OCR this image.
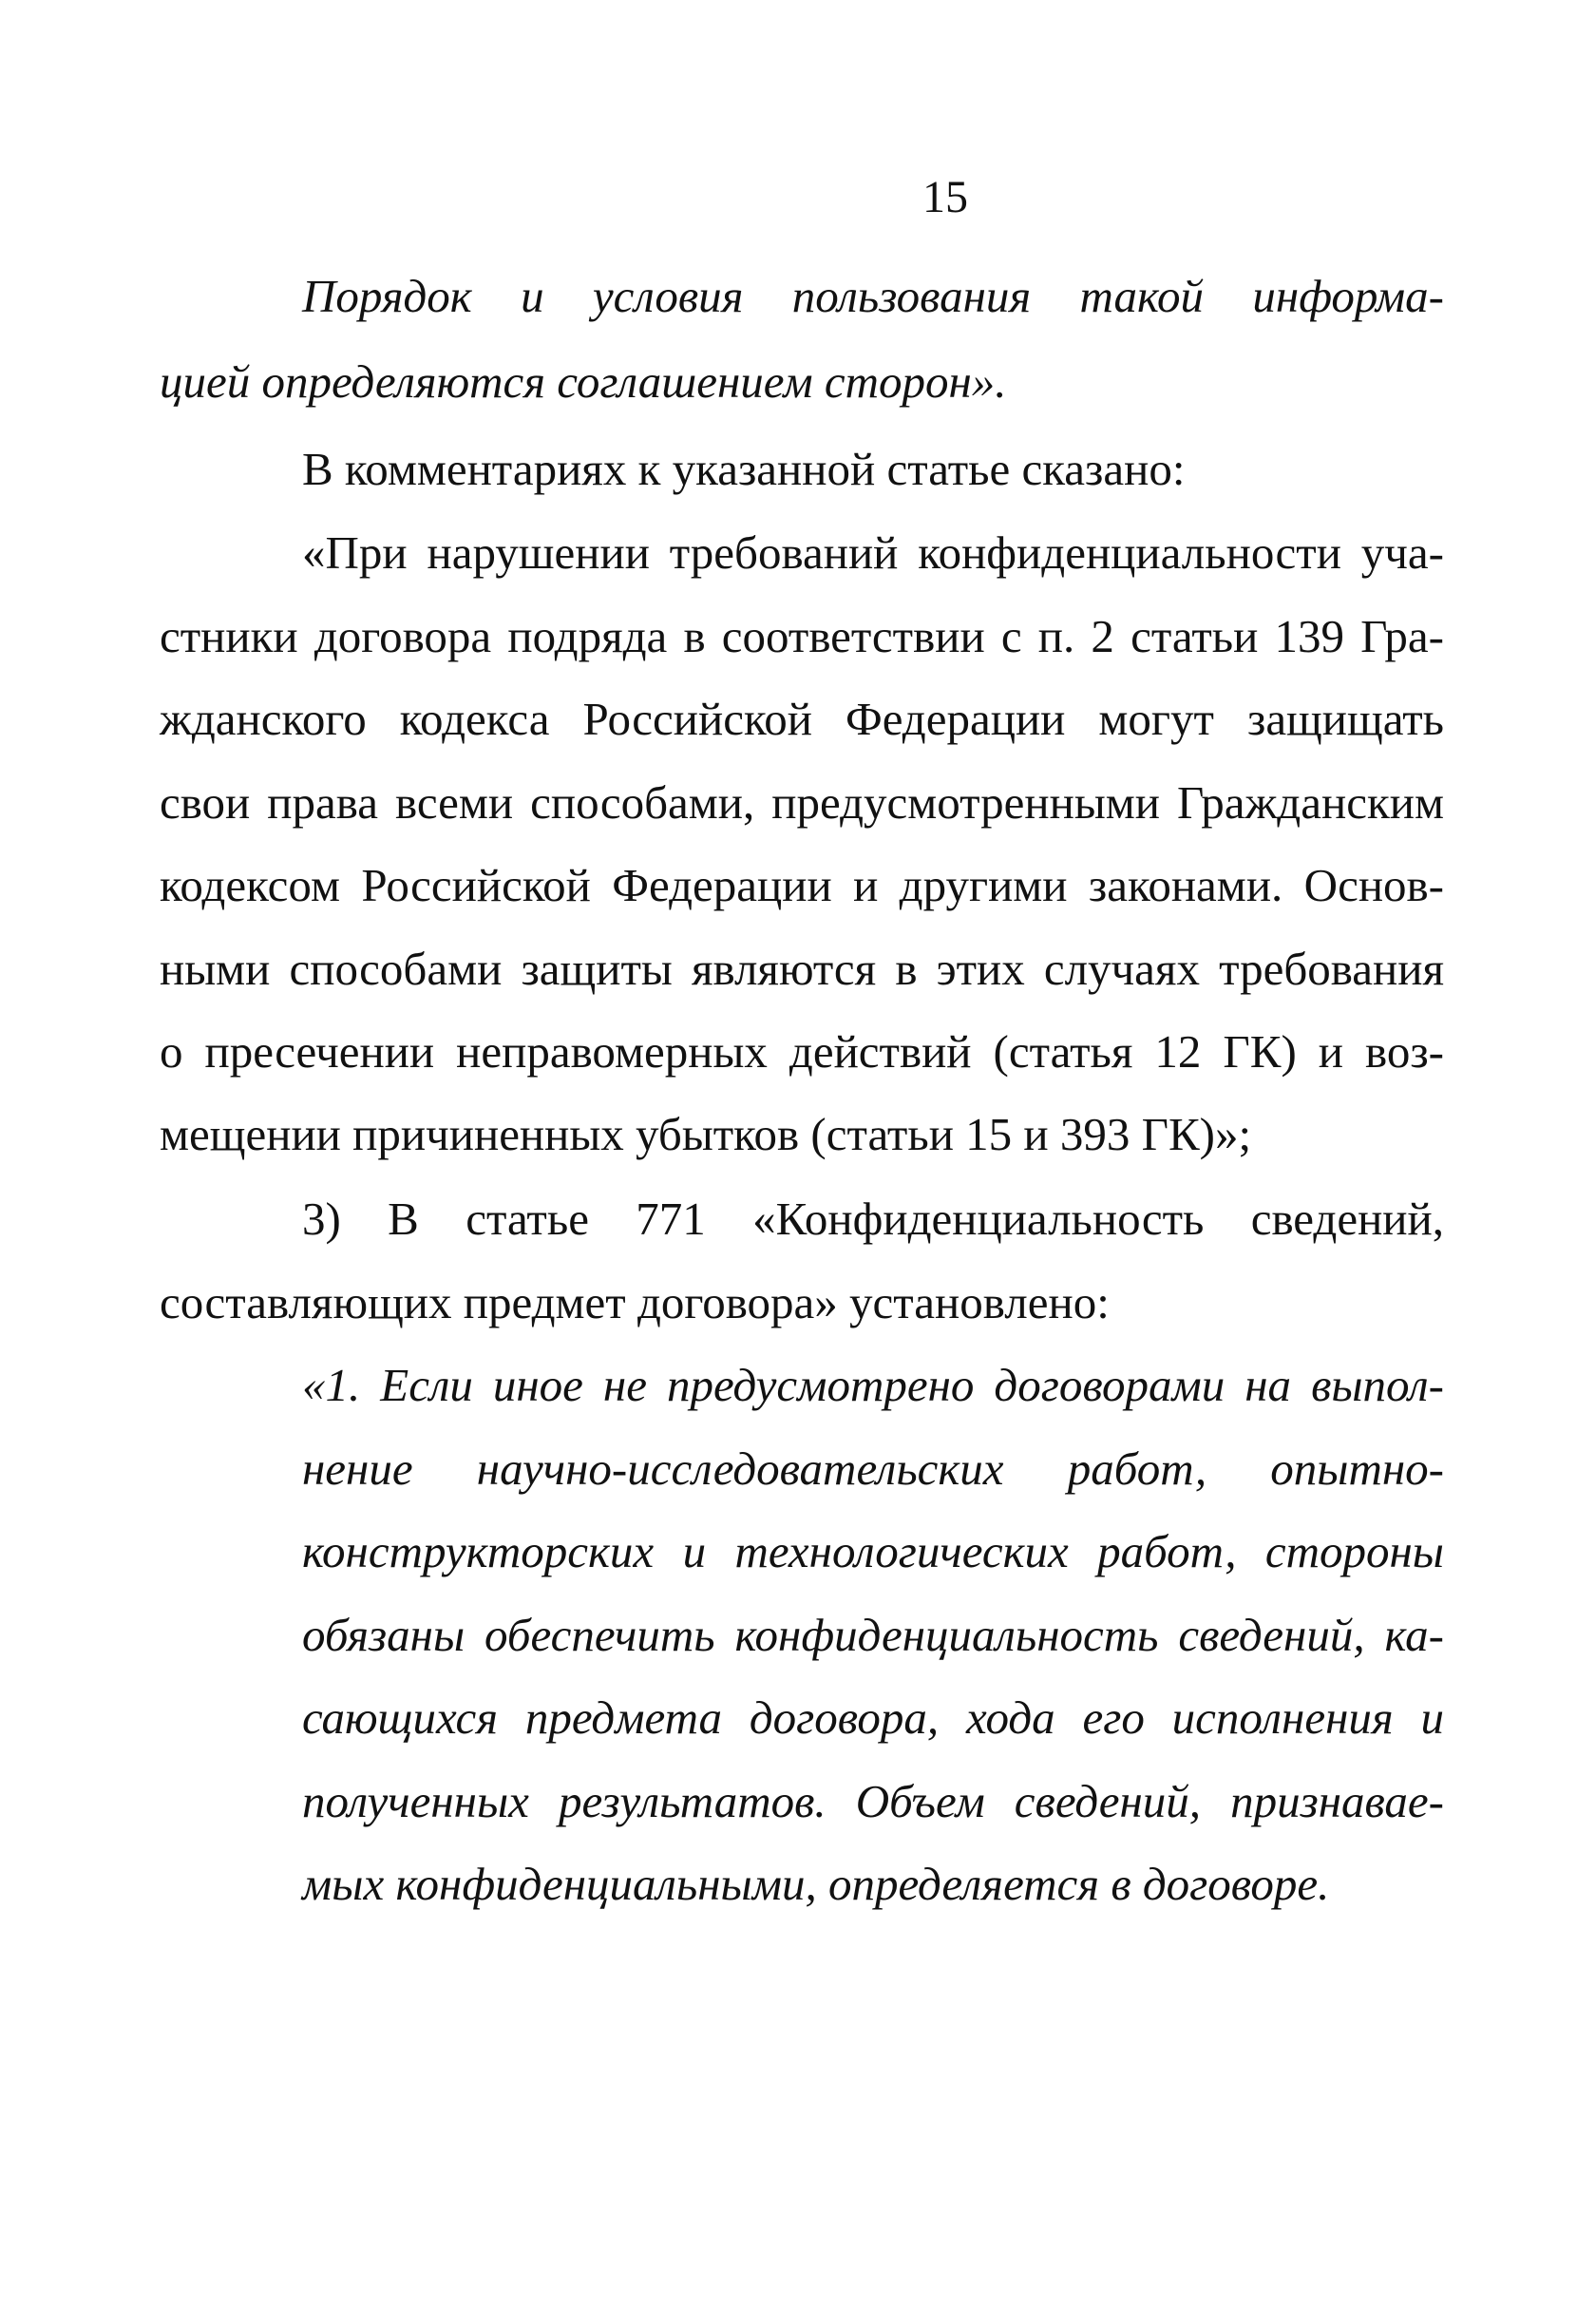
15
Порядок и условия пользования такой информа-
цией определяются соглашением сторон».
В комментариях к указанной статье сказано:
«При нарушении требований конфиденциальности уча-
стники договора подряда в соответствии с п. 2 статьи 139 Гра-
жданского кодекса Российской Федерации могут защищать
свои права всеми способами, предусмотренными Гражданским
кодексом Российской Федерации и другими законами. Основ-
ными способами защиты являются в этих случаях требования
о пресечении неправомерных действий (статья 12 ГК) и воз-
мещении причиненных убытков (статьи 15 и 393 ГК)»;
3) В статье 771 «Конфиденциальность сведений,
составляющих предмет договора» установлено:
«1. Если иное не предусмотрено договорами на выпол-
нение научно-исследовательских работ, опытно-
конструкторских и технологических работ, стороны
обязаны обеспечить конфиденциальность сведений, ка-
сающихся предмета договора, хода его исполнения и
полученных результатов. Объем сведений, признавае-
мых конфиденциальными, определяется в договоре.
